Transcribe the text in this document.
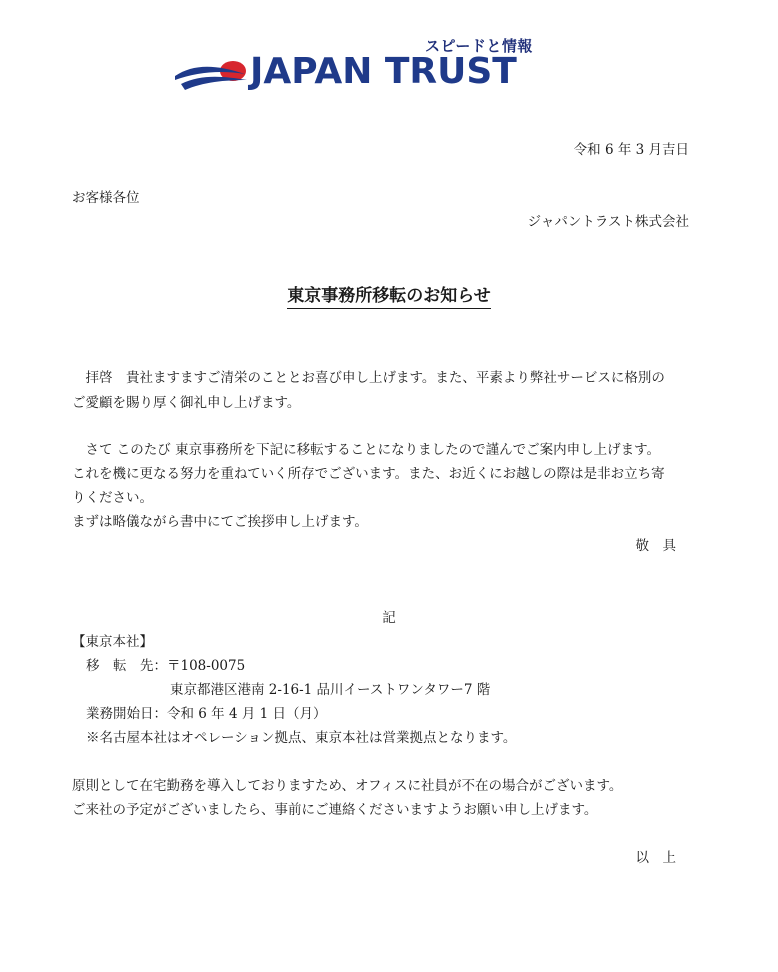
スピードと情報
JAPAN TRUST
令和 6 年 3 月吉日
お客様各位
ジャパントラスト株式会社
東京事務所移転のお知らせ
　拝啓　貴社ますますご清栄のこととお喜び申し上げます。また、平素より弊社サービスに格別の
ご愛顧を賜り厚く御礼申し上げます。
　さて このたび 東京事務所を下記に移転することになりましたので謹んでご案内申し上げます。
これを機に更なる努力を重ねていく所存でございます。また、お近くにお越しの際は是非お立ち寄
りください。
まずは略儀ながら書中にてご挨拶申し上げます。
敬　具
記
【東京本社】
移　転　先：〒108-0075
東京都港区港南 2-16-1 品川イーストワンタワー7 階
業務開始日：令和 6 年 4 月 1 日（月）
※名古屋本社はオペレーション拠点、東京本社は営業拠点となります。
原則として在宅勤務を導入しておりますため、オフィスに社員が不在の場合がございます。
ご来社の予定がございましたら、事前にご連絡くださいますようお願い申し上げます。
以　上
